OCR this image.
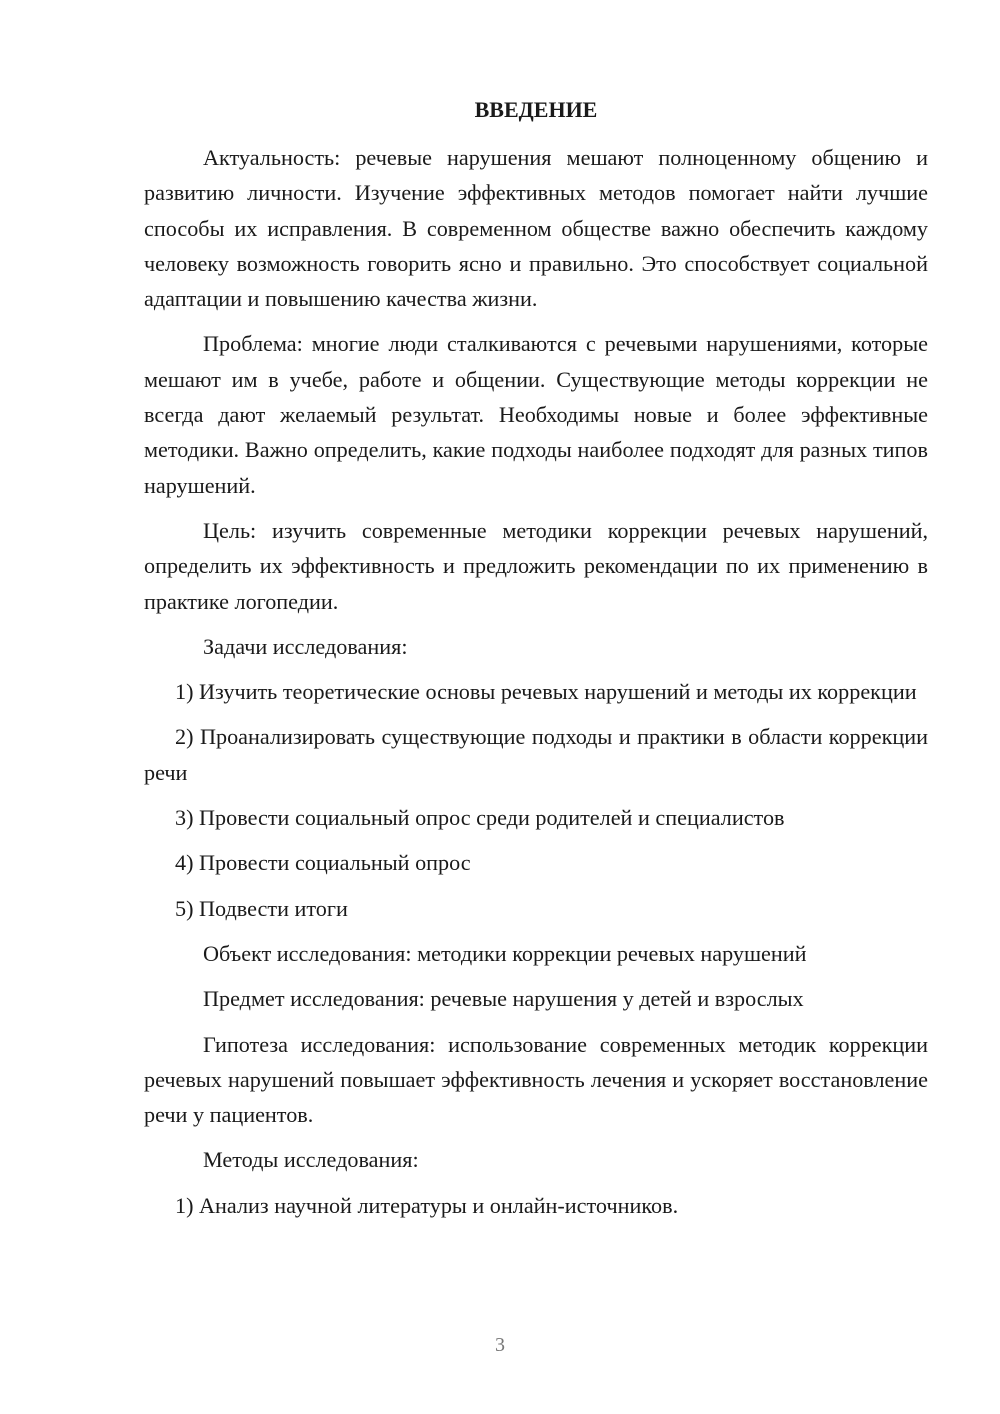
ВВЕДЕНИЕ

Актуальность: речевые нарушения мешают полноценному общению и развитию личности. Изучение эффективных методов помогает найти лучшие способы их исправления. В современном обществе важно обеспечить каждому человеку возможность говорить ясно и правильно. Это способствует социальной адаптации и повышению качества жизни.

Проблема: многие люди сталкиваются с речевыми нарушениями, которые мешают им в учебе, работе и общении. Существующие методы коррекции не всегда дают желаемый результат. Необходимы новые и более эффективные методики. Важно определить, какие подходы наиболее подходят для разных типов нарушений.

Цель: изучить современные методики коррекции речевых нарушений, определить их эффективность и предложить рекомендации по их применению в практике логопедии.

Задачи исследования:

1) Изучить теоретические основы речевых нарушений и методы их коррекции

2) Проанализировать существующие подходы и практики в области коррекции речи

3) Провести социальный опрос среди родителей и специалистов

4) Провести социальный опрос

5) Подвести итоги

Объект исследования: методики коррекции речевых нарушений

Предмет исследования: речевые нарушения у детей и взрослых

Гипотеза исследования: использование современных методик коррекции речевых нарушений повышает эффективность лечения и ускоряет восстановление речи у пациентов.

Методы исследования:

1) Анализ научной литературы и онлайн-источников.

3
